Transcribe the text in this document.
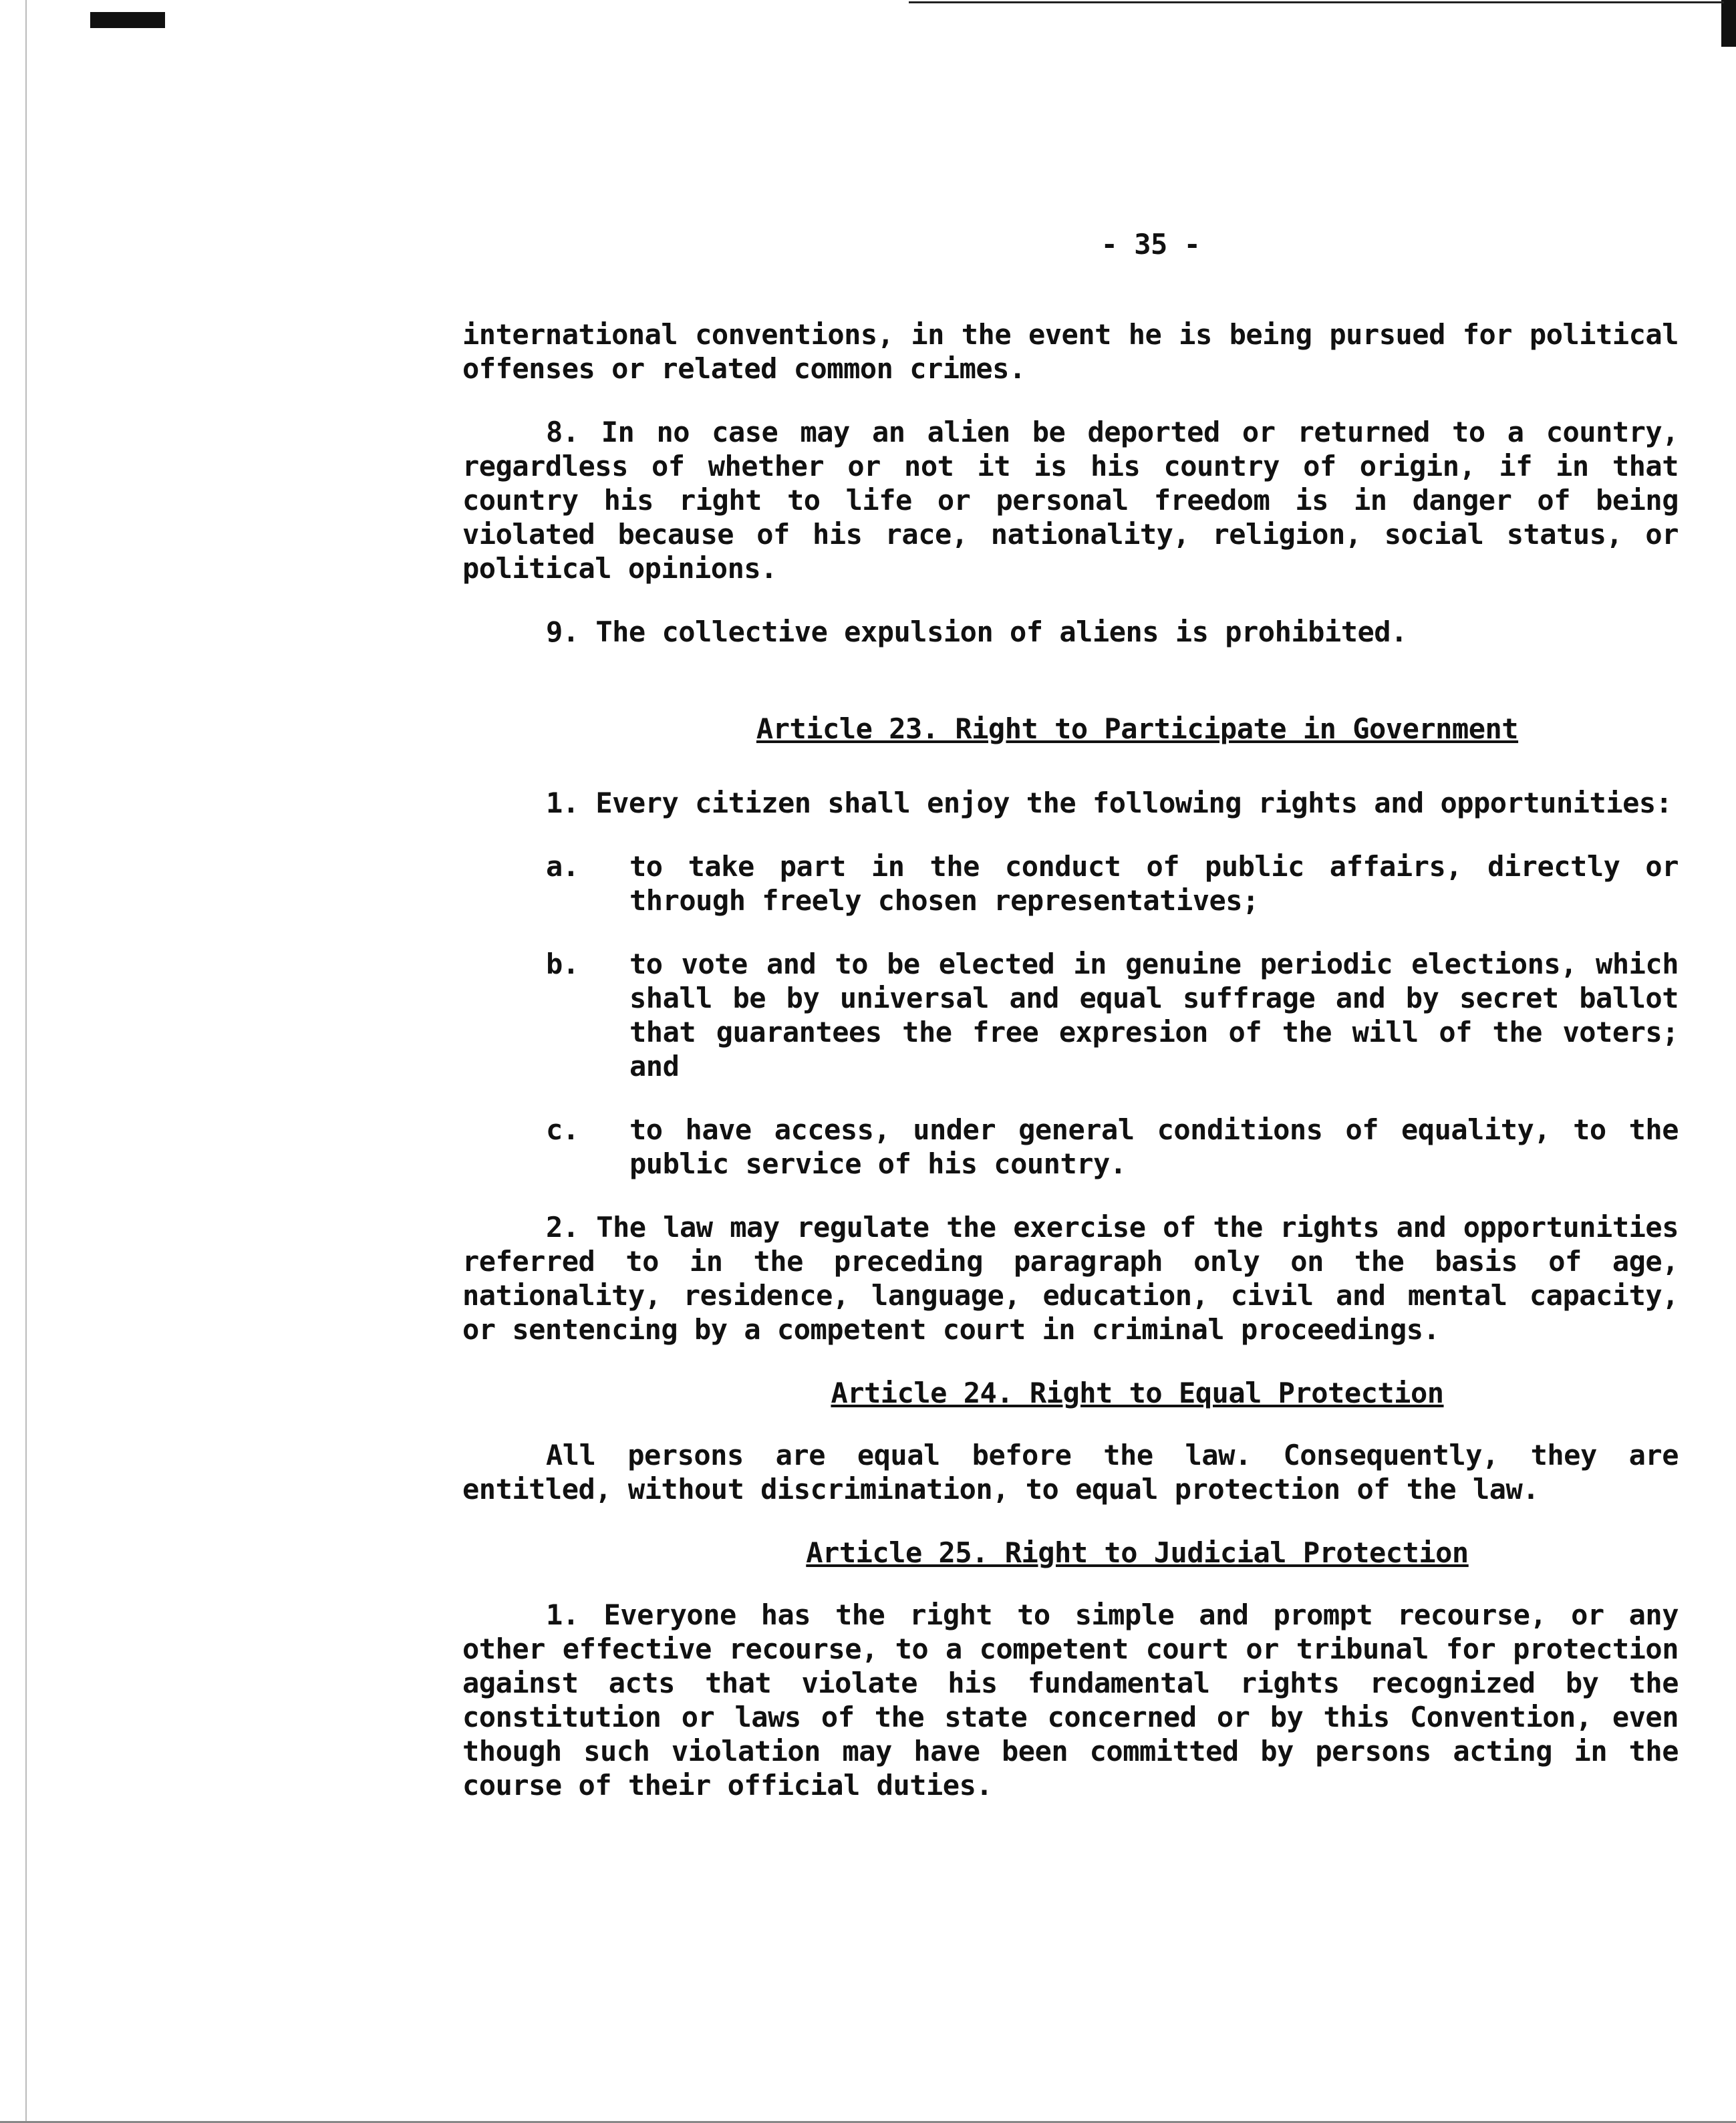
- 35 -

international conventions, in the event he is being pursued for political offenses or related common crimes.

8. In no case may an alien be deported or returned to a country, regardless of whether or not it is his country of origin, if in that country his right to life or personal freedom is in danger of being violated because of his race, nationality, religion, social status, or political opinions.

9. The collective expulsion of aliens is prohibited.

Article 23. Right to Participate in Government

1. Every citizen shall enjoy the following rights and opportunities:

a.	to take part in the conduct of public affairs, directly or through freely chosen representatives;
b.	to vote and to be elected in genuine periodic elections, which shall be by universal and equal suffrage and by secret ballot that guarantees the free expresion of the will of the voters; and
c.	to have access, under general conditions of equality, to the public service of his country.

2. The law may regulate the exercise of the rights and opportunities referred to in the preceding paragraph only on the basis of age, nationality, residence, language, education, civil and mental capacity, or sentencing by a competent court in criminal proceedings.

Article 24. Right to Equal Protection

All persons are equal before the law. Consequently, they are entitled, without discrimination, to equal protection of the law.

Article 25. Right to Judicial Protection

1. Everyone has the right to simple and prompt recourse, or any other effective recourse, to a competent court or tribunal for protection against acts that violate his fundamental rights recognized by the constitution or laws of the state concerned or by this Convention, even though such violation may have been committed by persons acting in the course of their official duties.
